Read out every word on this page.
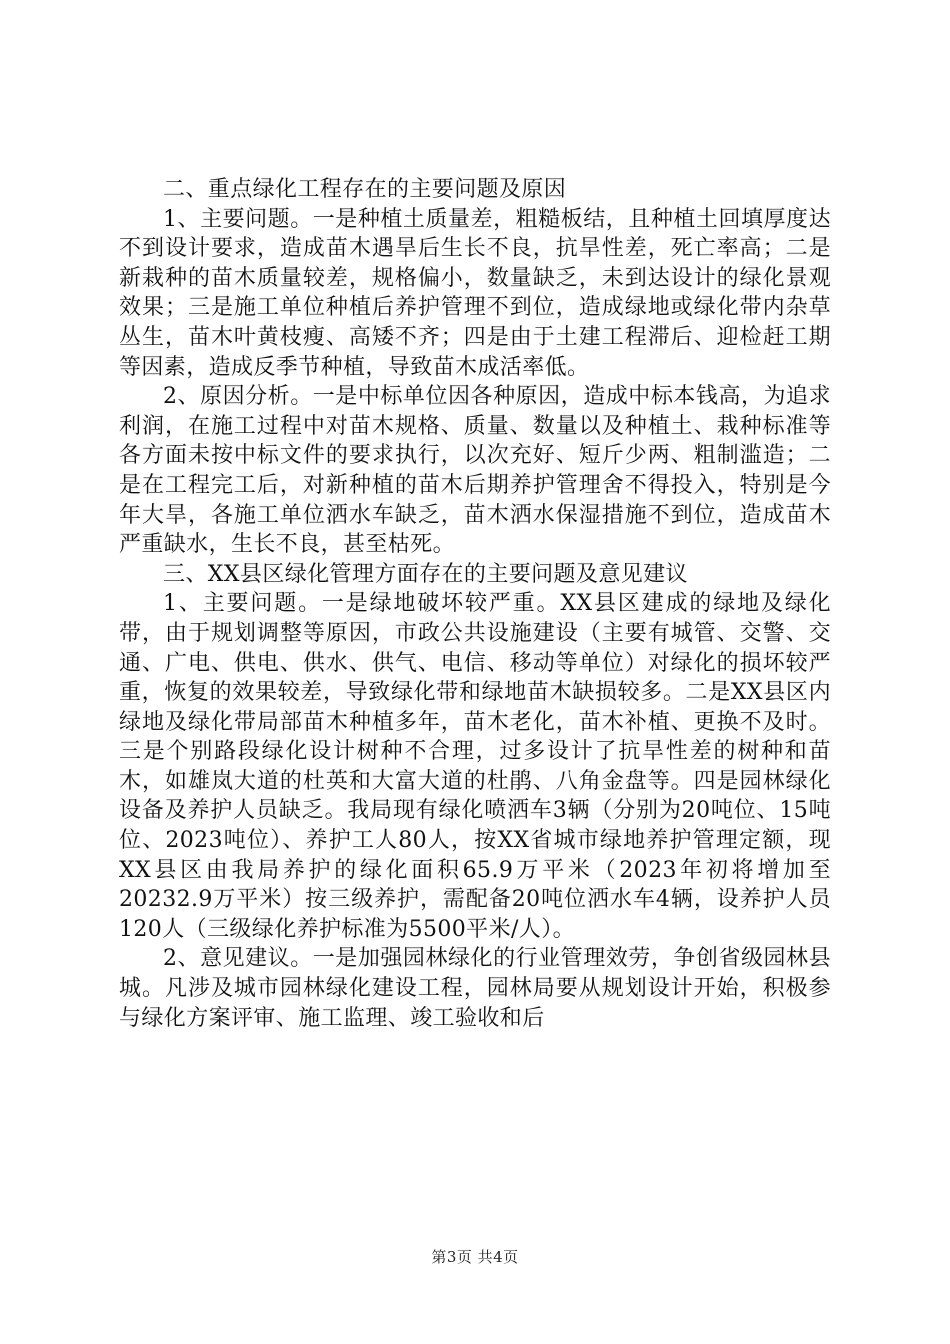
二、重点绿化工程存在的主要问题及原因

1、主要问题。一是种植土质量差，粗糙板结，且种植土回填厚度达不到设计要求，造成苗木遇旱后生长不良，抗旱性差，死亡率高；二是新栽种的苗木质量较差，规格偏小，数量缺乏，未到达设计的绿化景观效果；三是施工单位种植后养护管理不到位，造成绿地或绿化带内杂草丛生，苗木叶黄枝瘦、高矮不齐；四是由于土建工程滞后、迎检赶工期等因素，造成反季节种植，导致苗木成活率低。

2、原因分析。一是中标单位因各种原因，造成中标本钱高，为追求利润，在施工过程中对苗木规格、质量、数量以及种植土、栽种标准等各方面未按中标文件的要求执行，以次充好、短斤少两、粗制滥造；二是在工程完工后，对新种植的苗木后期养护管理舍不得投入，特别是今年大旱，各施工单位洒水车缺乏，苗木洒水保湿措施不到位，造成苗木严重缺水，生长不良，甚至枯死。

三、XX县区绿化管理方面存在的主要问题及意见建议

1、主要问题。一是绿地破坏较严重。XX县区建成的绿地及绿化带，由于规划调整等原因，市政公共设施建设（主要有城管、交警、交通、广电、供电、供水、供气、电信、移动等单位）对绿化的损坏较严重，恢复的效果较差，导致绿化带和绿地苗木缺损较多。二是XX县区内绿地及绿化带局部苗木种植多年，苗木老化，苗木补植、更换不及时。三是个别路段绿化设计树种不合理，过多设计了抗旱性差的树种和苗木，如雄岚大道的杜英和大富大道的杜鹃、八角金盘等。四是园林绿化设备及养护人员缺乏。我局现有绿化喷洒车3辆（分别为20吨位、15吨位、2023吨位）、养护工人80人，按XX省城市绿地养护管理定额，现XX县区由我局养护的绿化面积65.9万平米（2023年初将增加至20232.9万平米）按三级养护，需配备20吨位洒水车4辆，设养护人员120人（三级绿化养护标准为5500平米/人）。

2、意见建议。一是加强园林绿化的行业管理效劳，争创省级园林县城。凡涉及城市园林绿化建设工程，园林局要从规划设计开始，积极参与绿化方案评审、施工监理、竣工验收和后

第3页 共4页
